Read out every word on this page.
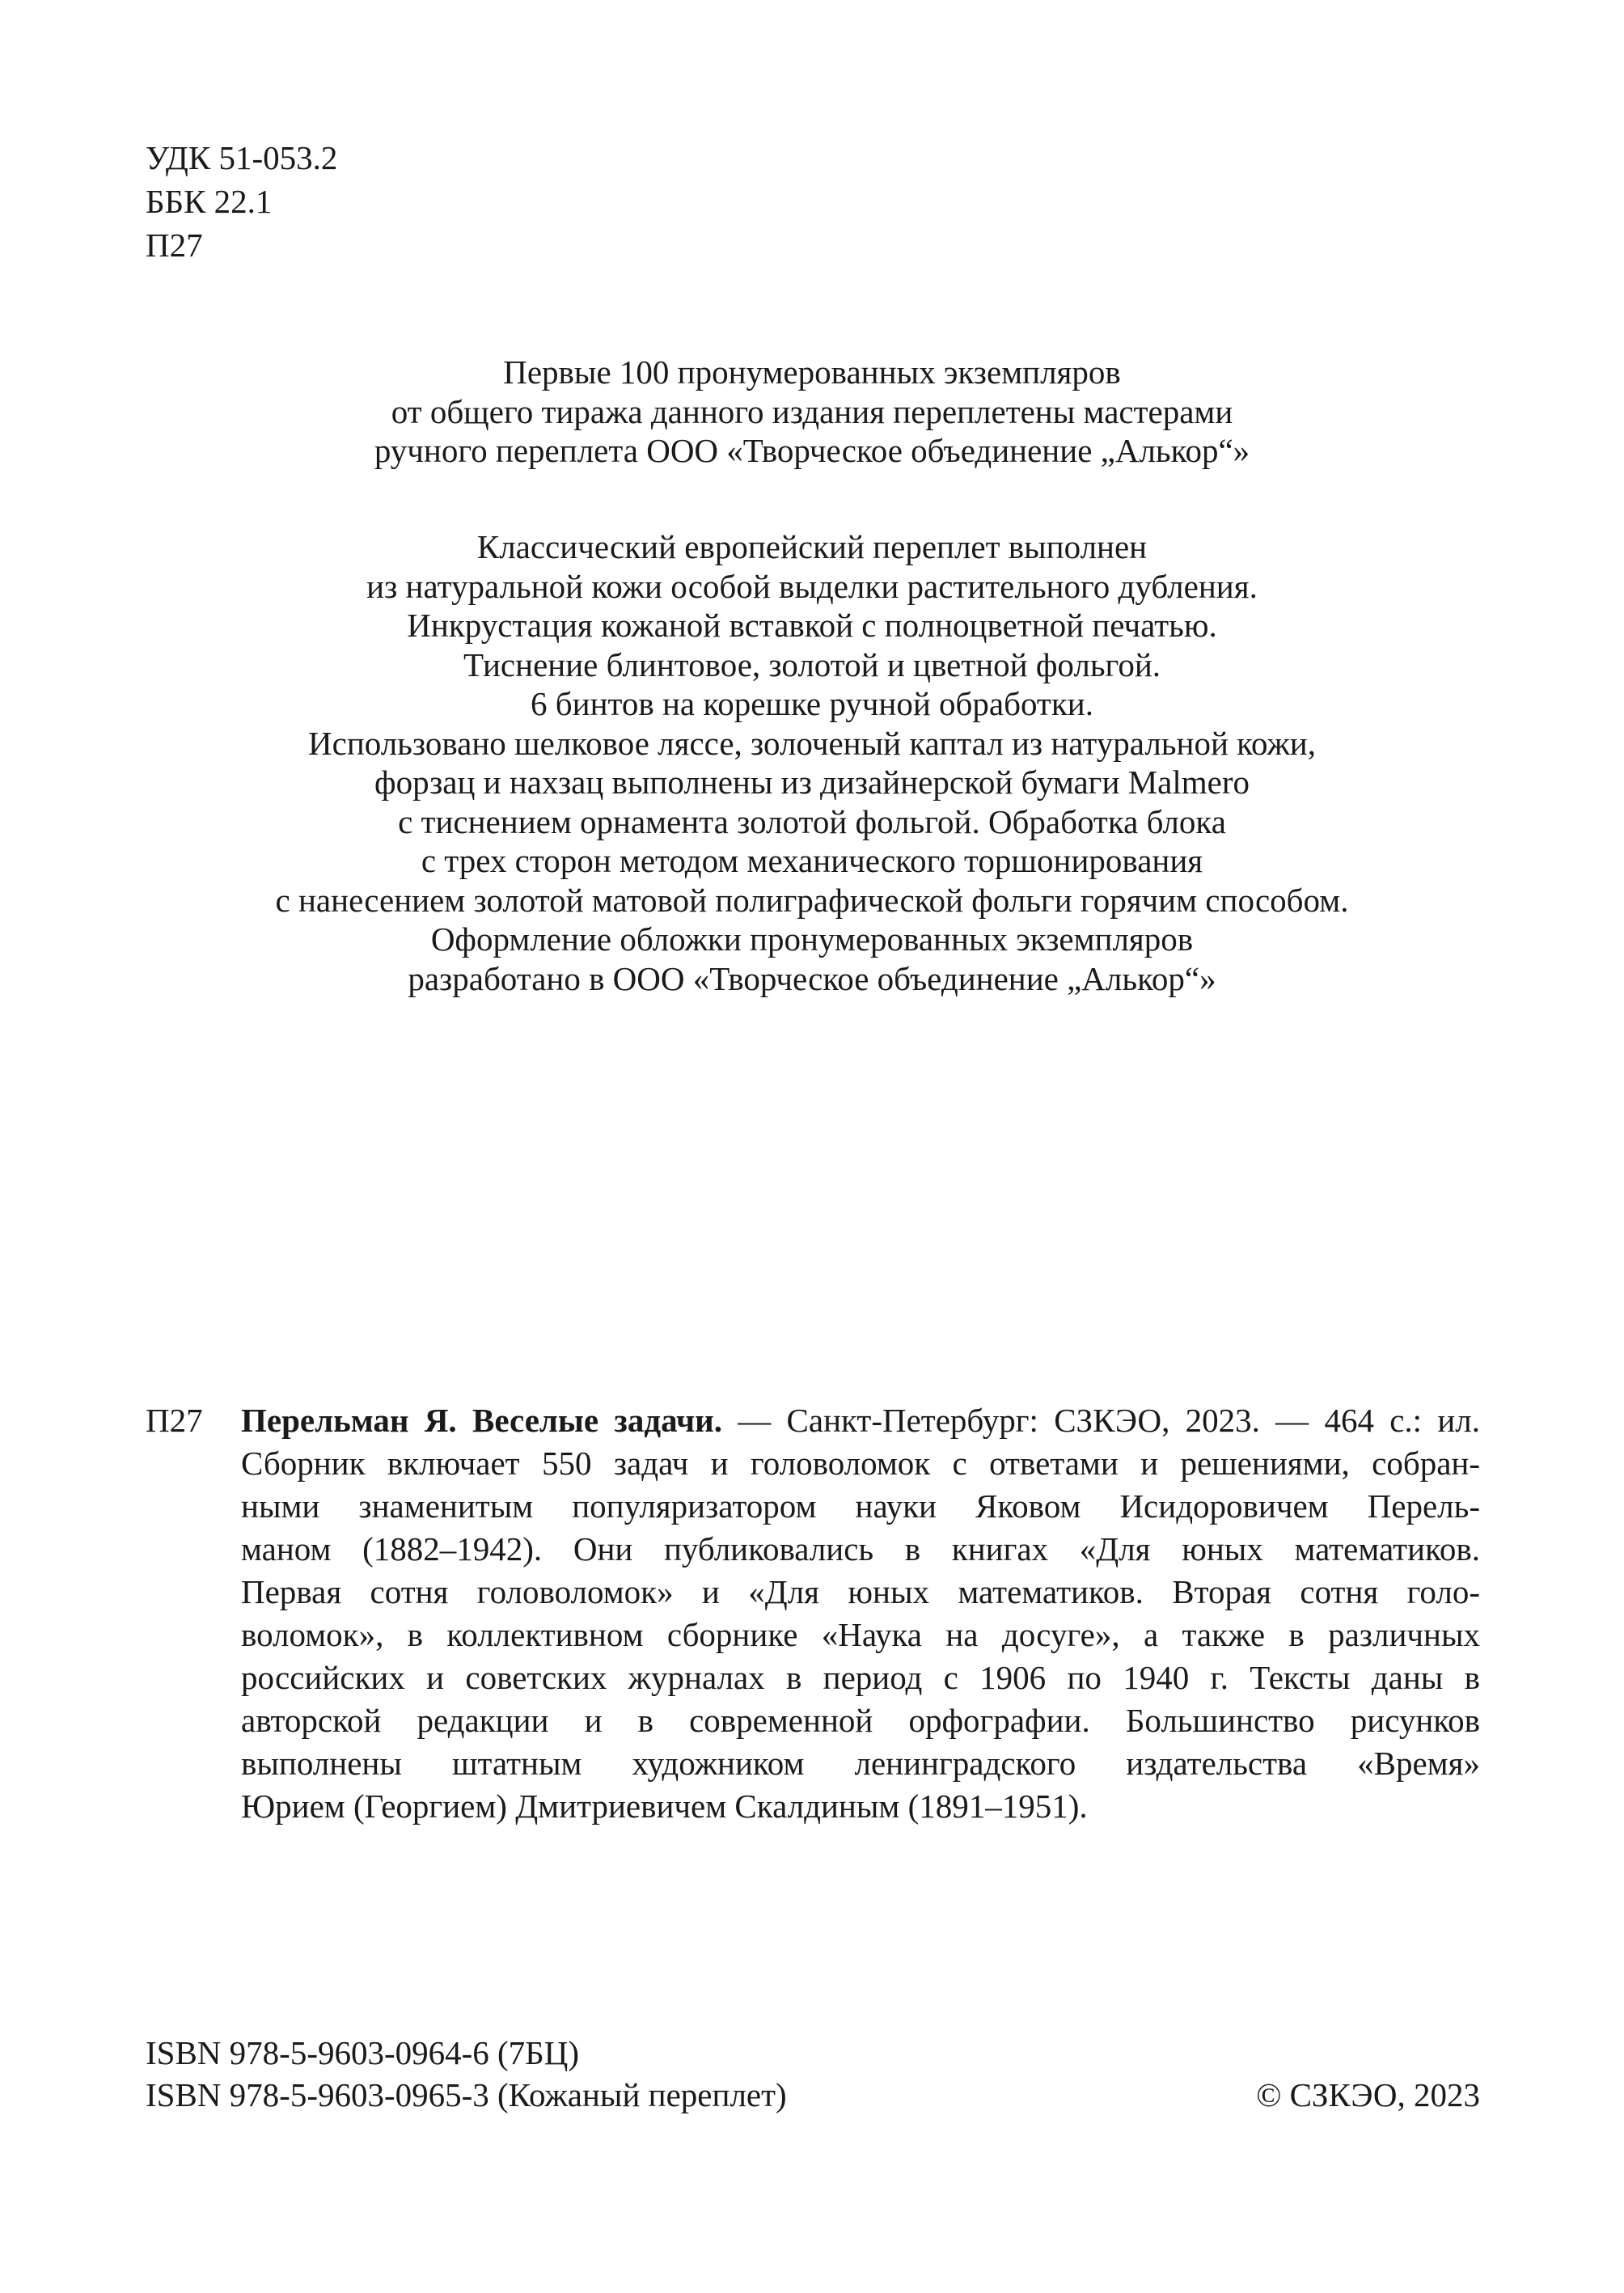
УДК 51-053.2
ББК 22.1
П27
Первые 100 пронумерованных экземпляров
от общего тиража данного издания переплетены мастерами
ручного переплета ООО «Творческое объединение „Алькор“»
Классический европейский переплет выполнен
из натуральной кожи особой выделки растительного дубления.
Инкрустация кожаной вставкой с полноцветной печатью.
Тиснение блинтовое, золотой и цветной фольгой.
6 бинтов на корешке ручной обработки.
Использовано шелковое ляссе, золоченый каптал из натуральной кожи,
форзац и нахзац выполнены из дизайнерской бумаги Malmero
с тиснением орнамента золотой фольгой. Обработка блока
с трех сторон методом механического торшонирования
с нанесением золотой матовой полиграфической фольги горячим способом.
Оформление обложки пронумерованных экземпляров
разработано в ООО «Творческое объединение „Алькор“»
П27 Перельман Я. Веселые задачи. — Санкт-Петербург: СЗКЭО, 2023. — 464 с.: ил.
Сборник включает 550 задач и головоломок с ответами и решениями, собран-
ными знаменитым популяризатором науки Яковом Исидоровичем Перель-
маном (1882–1942). Они публиковались в книгах «Для юных математиков.
Первая сотня головоломок» и «Для юных математиков. Вторая сотня голо-
воломок», в коллективном сборнике «Наука на досуге», а также в различных
российских и советских журналах в период с 1906 по 1940 г. Тексты даны в
авторской редакции и в современной орфографии. Большинство рисунков
выполнены штатным художником ленинградского издательства «Время»
Юрием (Георгием) Дмитриевичем Скалдиным (1891–1951).
ISBN 978-5-9603-0964-6 (7БЦ)
ISBN 978-5-9603-0965-3 (Кожаный переплет)	© СЗКЭО, 2023
